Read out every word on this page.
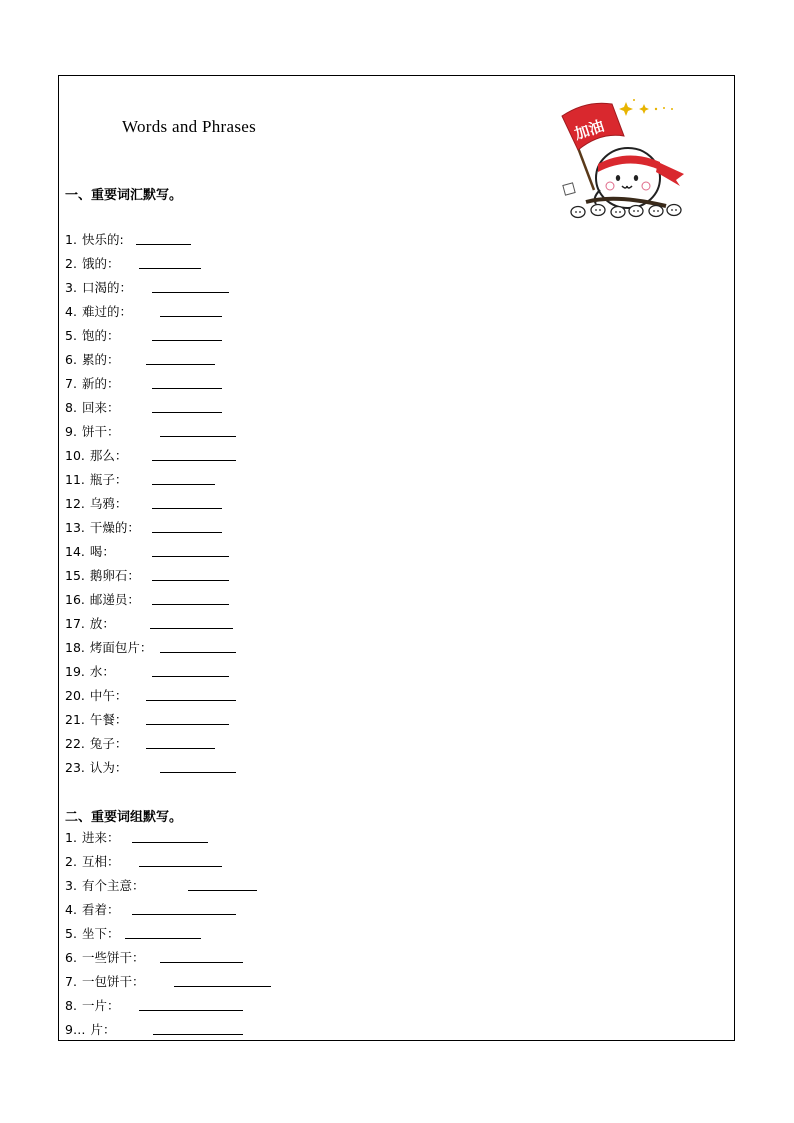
Words and Phrases	加油
一、重要词汇默写。
1. 快乐的:
2. 饿的：
3. 口渴的：
4. 难过的：
5. 饱的：
6. 累的：
7. 新的：
8. 回来：
9. 饼干：
10. 那么：
11. 瓶子：
12. 乌鸦：
13. 干燥的：
14. 喝：
15. 鹅卵石：
16. 邮递员：
17. 放：
18. 烤面包片：
19. 水：
20. 中午：
21. 午餐：
22. 兔子：
23. 认为：
二、重要词组默写。
1. 进来：
2. 互相：
3. 有个主意：
4. 看着：
5. 坐下：
6. 一些饼干：
7. 一包饼干：
8. 一片：
9… 片：
